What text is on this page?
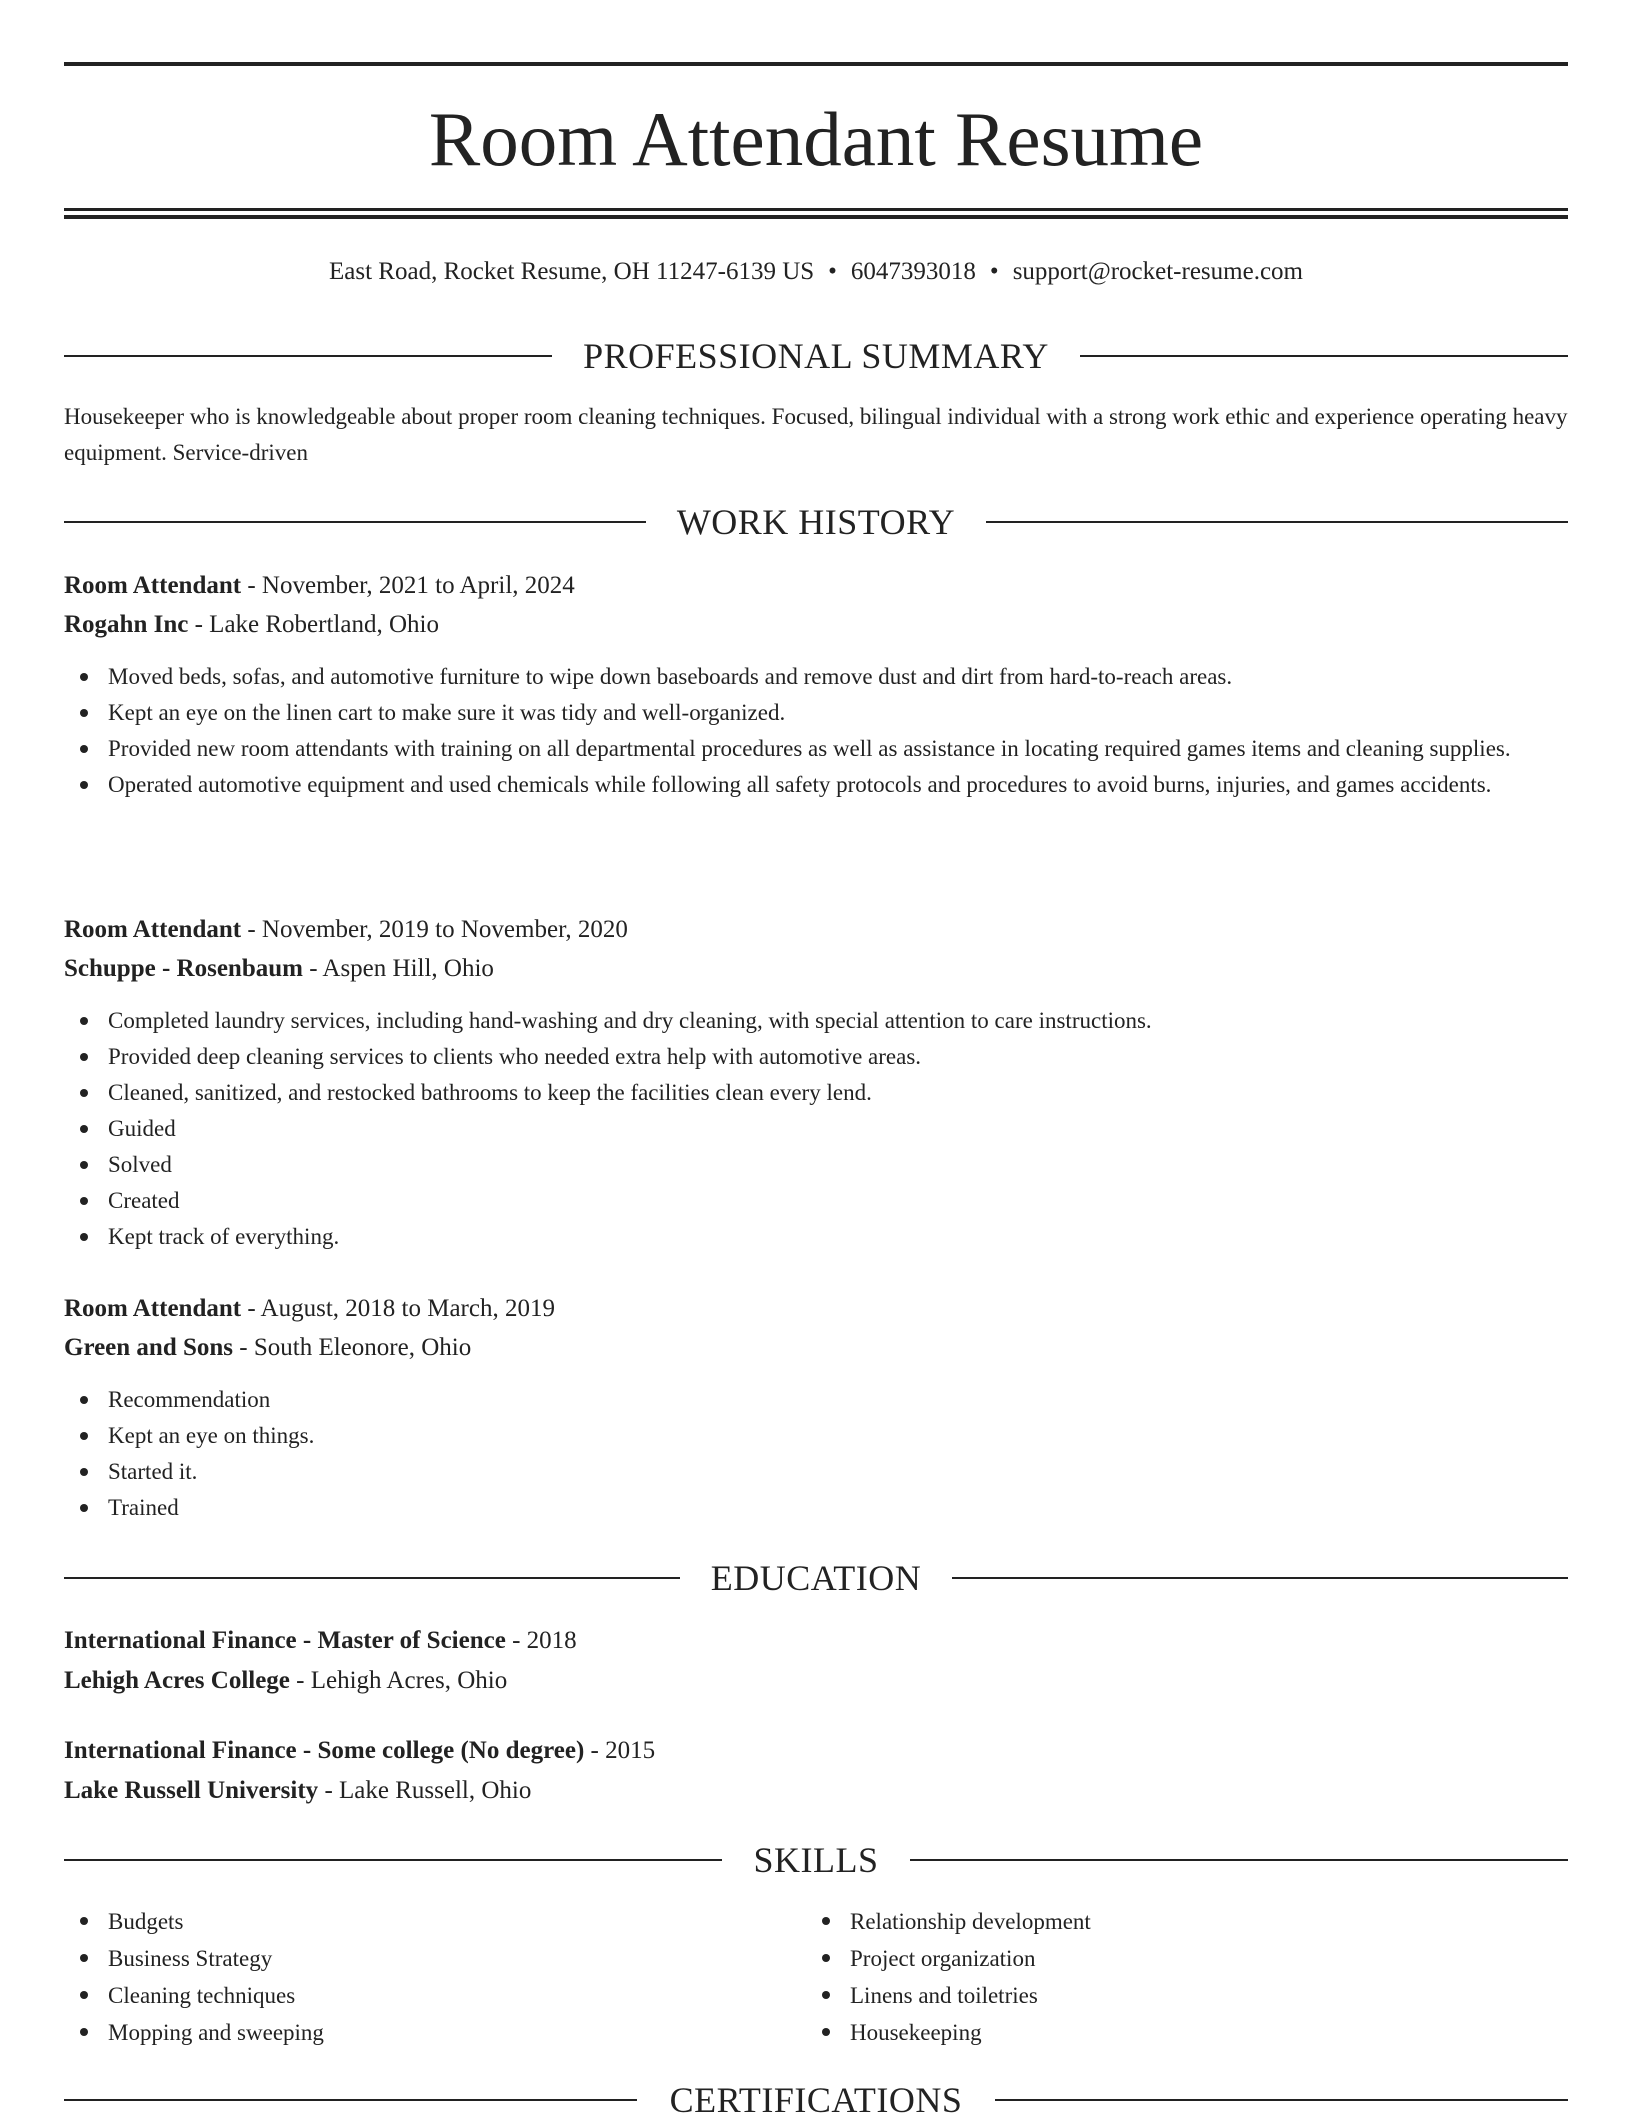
Room Attendant Resume
East Road, Rocket Resume, OH 11247-6139 US • 6047393018 • support@rocket-resume.com
PROFESSIONAL SUMMARY
Housekeeper who is knowledgeable about proper room cleaning techniques. Focused, bilingual individual with a strong work ethic and experience operating heavy equipment. Service-driven
WORK HISTORY
Room Attendant - November, 2021 to April, 2024
Rogahn Inc - Lake Robertland, Ohio
Moved beds, sofas, and automotive furniture to wipe down baseboards and remove dust and dirt from hard-to-reach areas.
Kept an eye on the linen cart to make sure it was tidy and well-organized.
Provided new room attendants with training on all departmental procedures as well as assistance in locating required games items and cleaning supplies.
Operated automotive equipment and used chemicals while following all safety protocols and procedures to avoid burns, injuries, and games accidents.
Room Attendant - November, 2019 to November, 2020
Schuppe - Rosenbaum - Aspen Hill, Ohio
Completed laundry services, including hand-washing and dry cleaning, with special attention to care instructions.
Provided deep cleaning services to clients who needed extra help with automotive areas.
Cleaned, sanitized, and restocked bathrooms to keep the facilities clean every lend.
Guided
Solved
Created
Kept track of everything.
Room Attendant - August, 2018 to March, 2019
Green and Sons - South Eleonore, Ohio
Recommendation
Kept an eye on things.
Started it.
Trained
EDUCATION
International Finance - Master of Science - 2018
Lehigh Acres College - Lehigh Acres, Ohio
International Finance - Some college (No degree) - 2015
Lake Russell University - Lake Russell, Ohio
SKILLS
Budgets
Business Strategy
Cleaning techniques
Mopping and sweeping
Relationship development
Project organization
Linens and toiletries
Housekeeping
CERTIFICATIONS
